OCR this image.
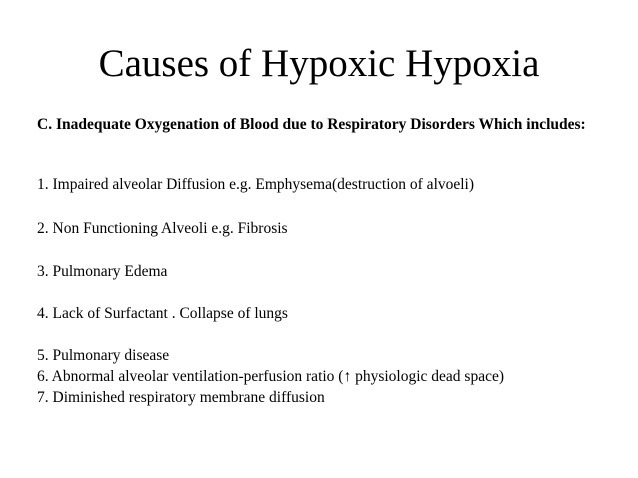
Causes of Hypoxic Hypoxia

C. Inadequate Oxygenation of Blood due to Respiratory Disorders Which includes:

1. Impaired alveolar Diffusion e.g. Emphysema(destruction of alvoeli)

2. Non Functioning Alveoli e.g. Fibrosis

3. Pulmonary Edema

4. Lack of Surfactant . Collapse of lungs

5. Pulmonary disease

6. Abnormal alveolar ventilation-perfusion ratio (↑ physiologic dead space)

7. Diminished respiratory membrane diffusion
